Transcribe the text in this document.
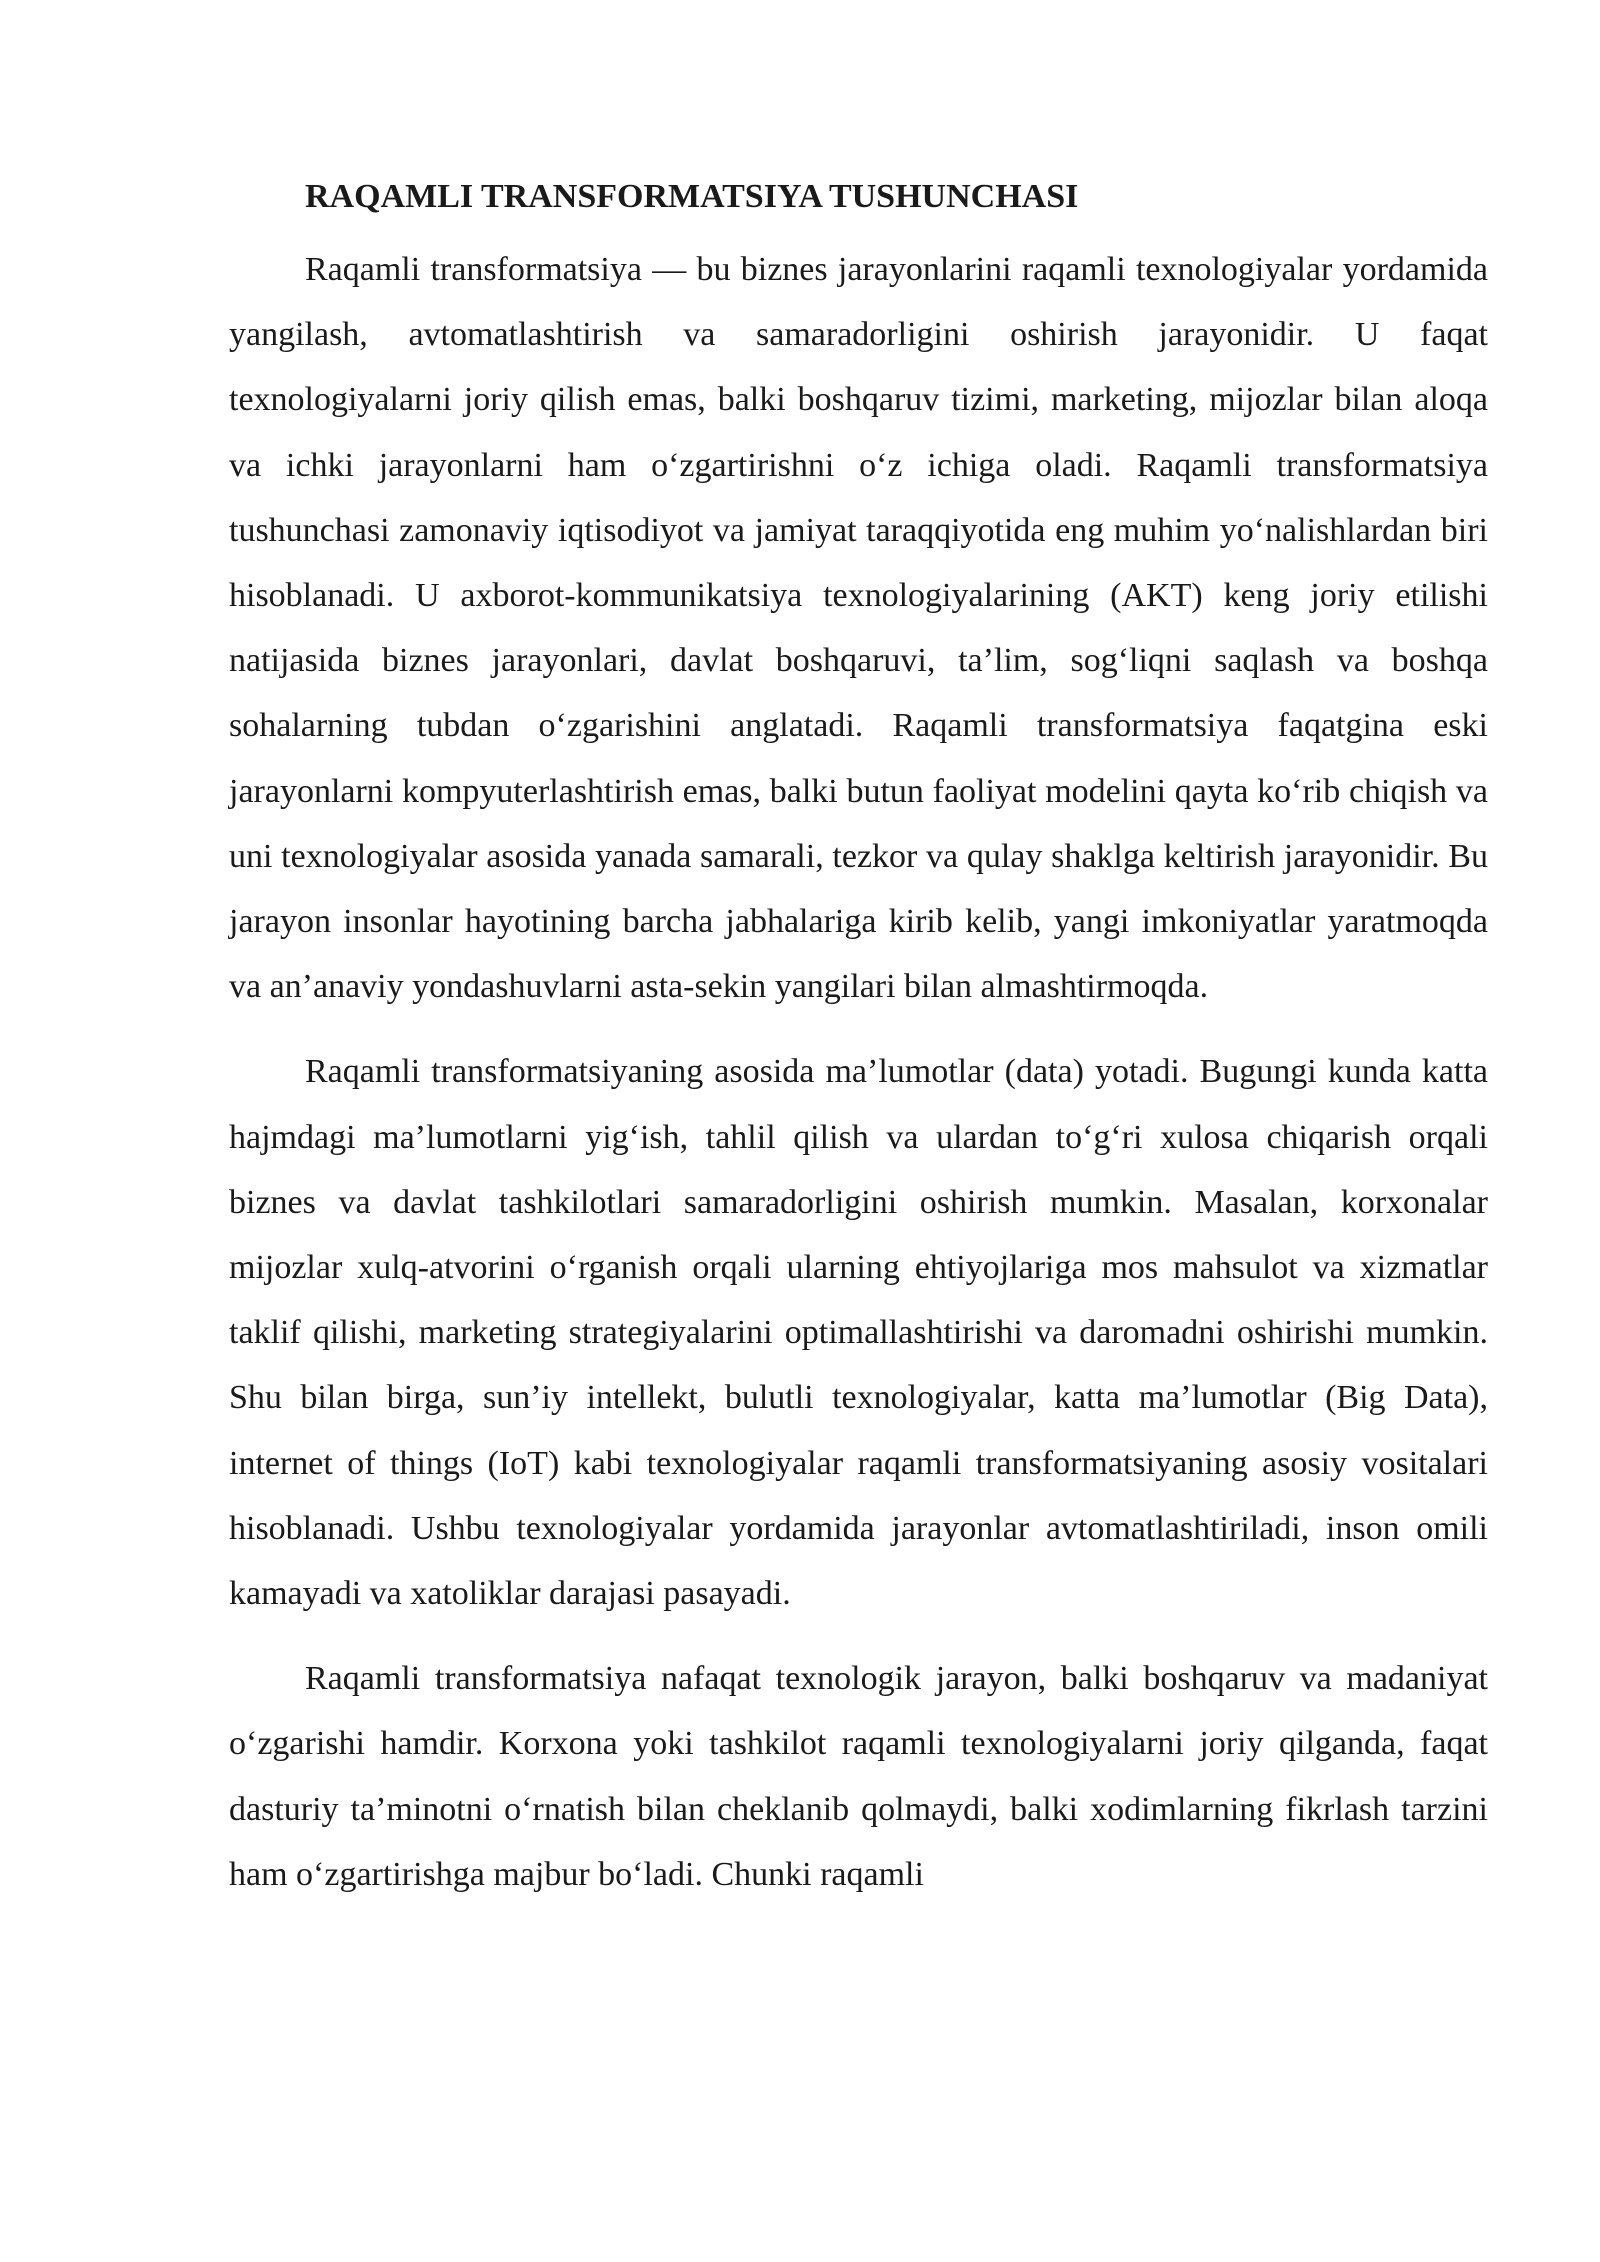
RAQAMLI TRANSFORMATSIYA TUSHUNCHASI

Raqamli transformatsiya — bu biznes jarayonlarini raqamli texnologiyalar yordamida yangilash, avtomatlashtirish va samaradorligini oshirish jarayonidir. U faqat texnologiyalarni joriy qilish emas, balki boshqaruv tizimi, marketing, mijozlar bilan aloqa va ichki jarayonlarni ham o‘zgartirishni o‘z ichiga oladi. Raqamli transformatsiya tushunchasi zamonaviy iqtisodiyot va jamiyat taraqqiyotida eng muhim yo‘nalishlardan biri hisoblanadi. U axborot-kommunikatsiya texnologiyalarining (AKT) keng joriy etilishi natijasida biznes jarayonlari, davlat boshqaruvi, ta’lim, sog‘liqni saqlash va boshqa sohalarning tubdan o‘zgarishini anglatadi. Raqamli transformatsiya faqatgina eski jarayonlarni kompyuterlashtirish emas, balki butun faoliyat modelini qayta ko‘rib chiqish va uni texnologiyalar asosida yanada samarali, tezkor va qulay shaklga keltirish jarayonidir. Bu jarayon insonlar hayotining barcha jabhalariga kirib kelib, yangi imkoniyatlar yaratmoqda va an’anaviy yondashuvlarni asta-sekin yangilari bilan almashtirmoqda.

Raqamli transformatsiyaning asosida ma’lumotlar (data) yotadi. Bugungi kunda katta hajmdagi ma’lumotlarni yig‘ish, tahlil qilish va ulardan to‘g‘ri xulosa chiqarish orqali biznes va davlat tashkilotlari samaradorligini oshirish mumkin. Masalan, korxonalar mijozlar xulq-atvorini o‘rganish orqali ularning ehtiyojlariga mos mahsulot va xizmatlar taklif qilishi, marketing strategiyalarini optimallashtirishi va daromadni oshirishi mumkin. Shu bilan birga, sun’iy intellekt, bulutli texnologiyalar, katta ma’lumotlar (Big Data), internet of things (IoT) kabi texnologiyalar raqamli transformatsiyaning asosiy vositalari hisoblanadi. Ushbu texnologiyalar yordamida jarayonlar avtomatlashtiriladi, inson omili kamayadi va xatoliklar darajasi pasayadi.

Raqamli transformatsiya nafaqat texnologik jarayon, balki boshqaruv va madaniyat o‘zgarishi hamdir. Korxona yoki tashkilot raqamli texnologiyalarni joriy qilganda, faqat dasturiy ta’minotni o‘rnatish bilan cheklanib qolmaydi, balki xodimlarning fikrlash tarzini ham o‘zgartirishga majbur bo‘ladi. Chunki raqamli
